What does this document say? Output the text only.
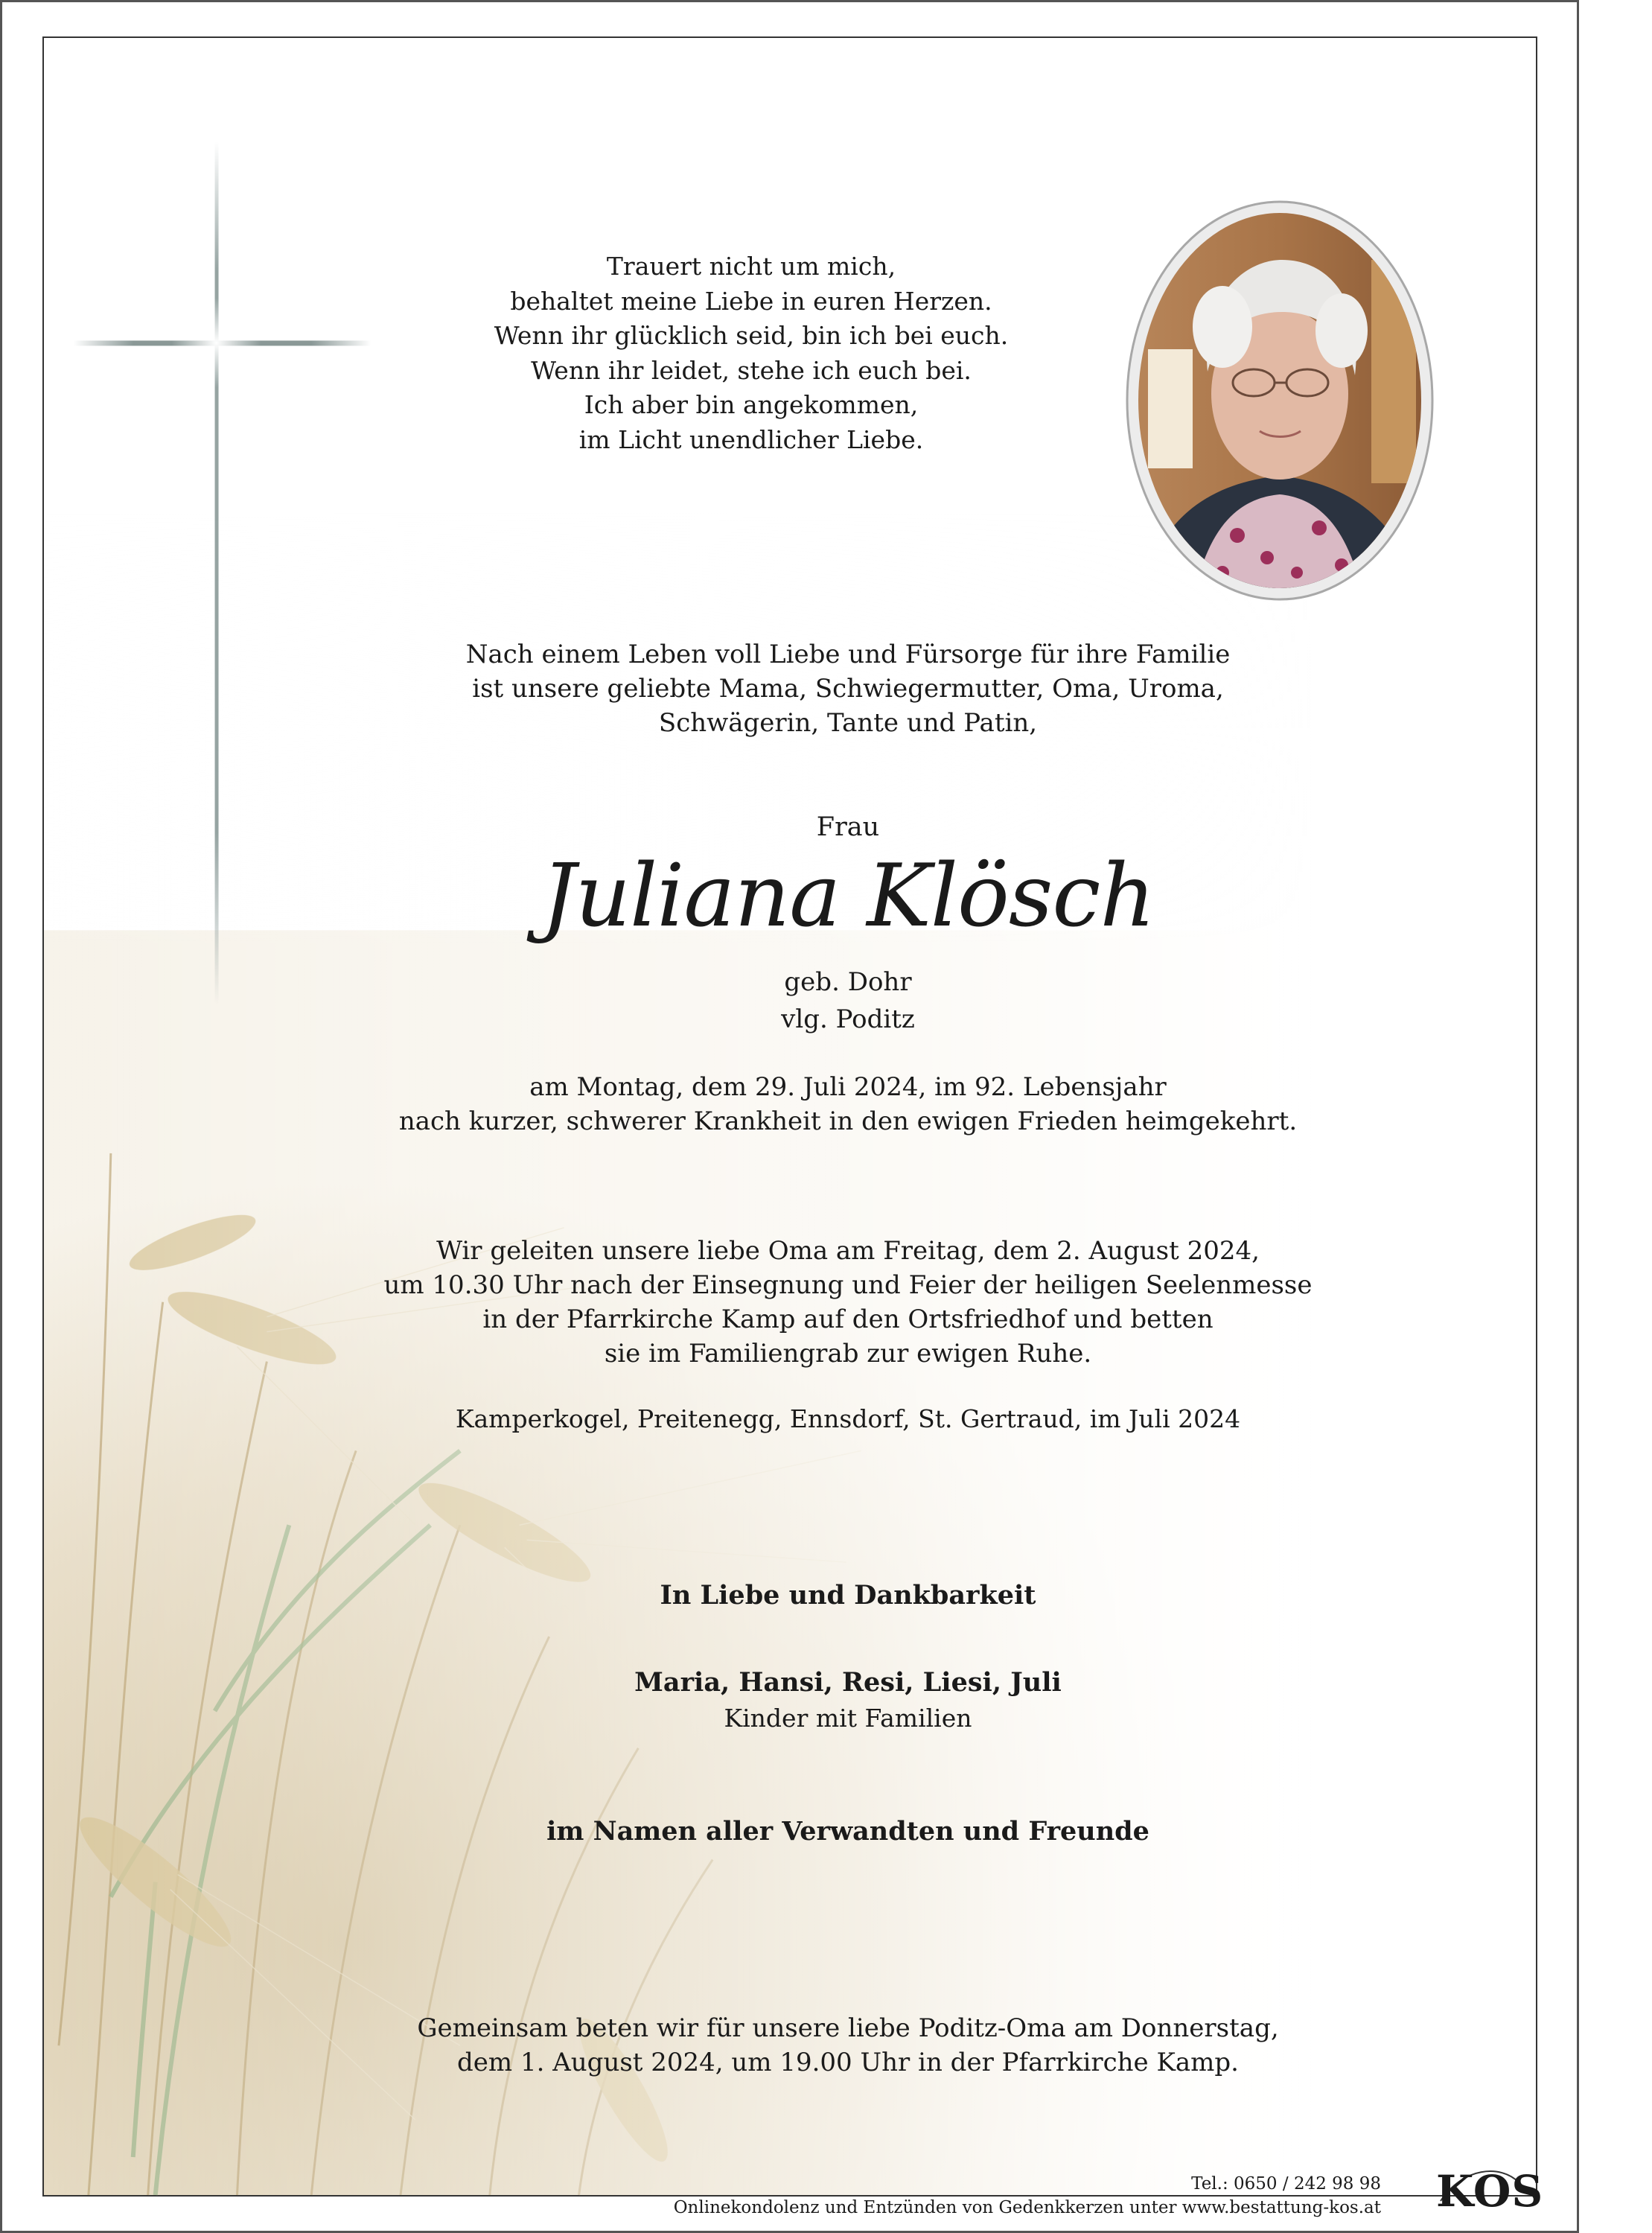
Trauert nicht um mich,
behaltet meine Liebe in euren Herzen.
Wenn ihr glücklich seid, bin ich bei euch.
Wenn ihr leidet, stehe ich euch bei.
Ich aber bin angekommen,
im Licht unendlicher Liebe.
Nach einem Leben voll Liebe und Fürsorge für ihre Familie
ist unsere geliebte Mama, Schwiegermutter, Oma, Uroma,
Schwägerin, Tante und Patin,
Frau
Juliana Klösch
geb. Dohr
vlg. Poditz
am Montag, dem 29. Juli 2024, im 92. Lebensjahr
nach kurzer, schwerer Krankheit in den ewigen Frieden heimgekehrt.
Wir geleiten unsere liebe Oma am Freitag, dem 2. August 2024,
um 10.30 Uhr nach der Einsegnung und Feier der heiligen Seelenmesse
in der Pfarrkirche Kamp auf den Ortsfriedhof und betten
sie im Familiengrab zur ewigen Ruhe.
Kamperkogel, Preitenegg, Ennsdorf, St. Gertraud, im Juli 2024
In Liebe und Dankbarkeit
Maria, Hansi, Resi, Liesi, Juli
Kinder mit Familien
im Namen aller Verwandten und Freunde
Gemeinsam beten wir für unsere liebe Poditz-Oma am Donnerstag,
dem 1. August 2024, um 19.00 Uhr in der Pfarrkirche Kamp.
Tel.: 0650 / 242 98 98
Onlinekondolenz und Entzünden von Gedenkkerzen unter www.bestattung-kos.at KOS
